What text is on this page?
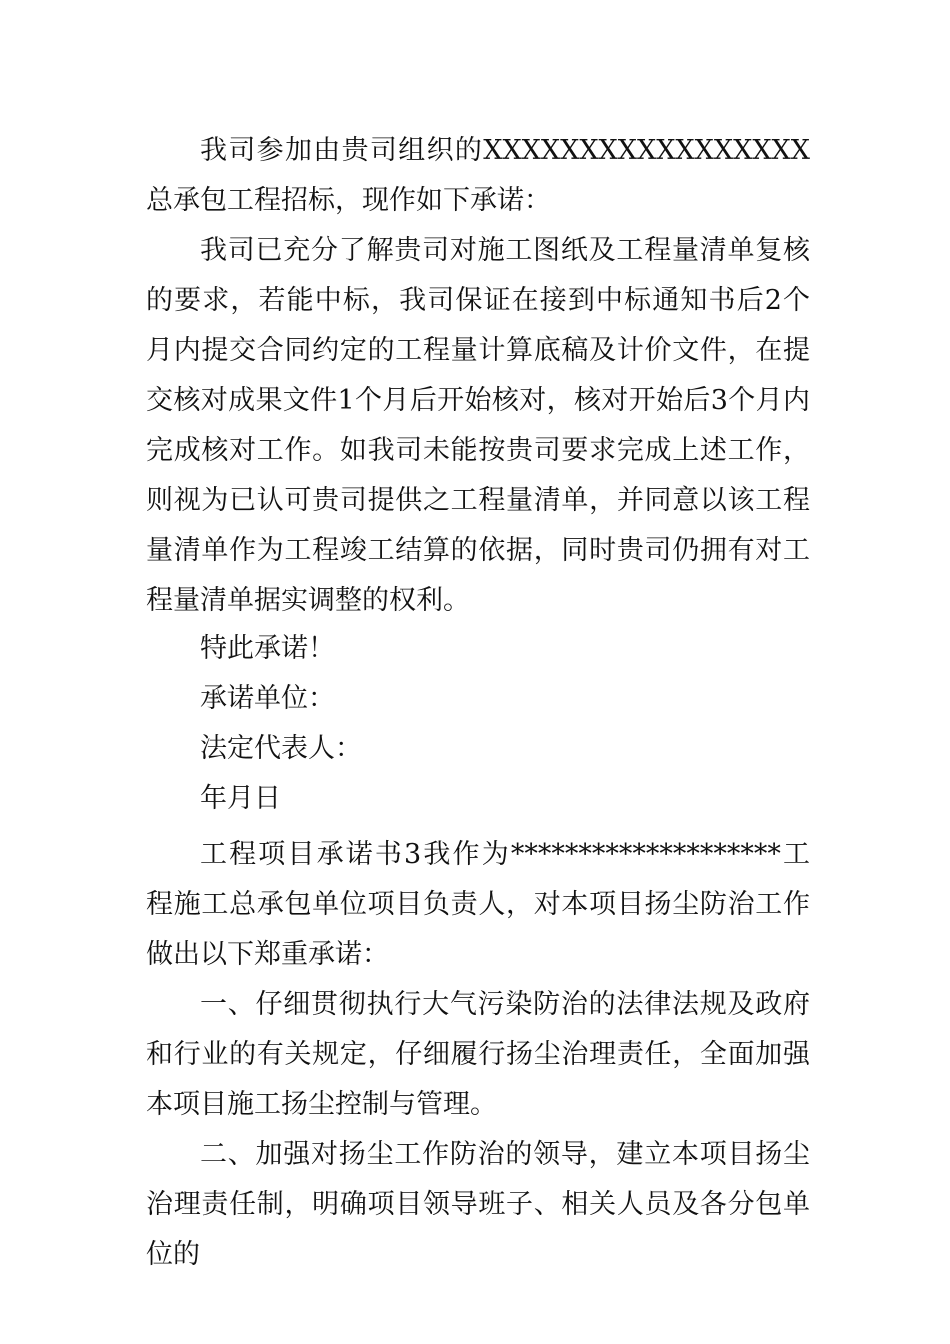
我司参加由贵司组织的XXXXXXXXXXXXXXXXX总承包工程招标，现作如下承诺：

我司已充分了解贵司对施工图纸及工程量清单复核的要求，若能中标，我司保证在接到中标通知书后2个月内提交合同约定的工程量计算底稿及计价文件，在提交核对成果文件1个月后开始核对，核对开始后3个月内完成核对工作。如我司未能按贵司要求完成上述工作，则视为已认可贵司提供之工程量清单，并同意以该工程量清单作为工程竣工结算的依据，同时贵司仍拥有对工程量清单据实调整的权利。

特此承诺！

承诺单位：

法定代表人：

年月日

工程项目承诺书3我作为********************工程施工总承包单位项目负责人，对本项目扬尘防治工作做出以下郑重承诺：

一、仔细贯彻执行大气污染防治的法律法规及政府和行业的有关规定，仔细履行扬尘治理责任，全面加强本项目施工扬尘控制与管理。

二、加强对扬尘工作防治的领导，建立本项目扬尘治理责任制，明确项目领导班子、相关人员及各分包单位的
